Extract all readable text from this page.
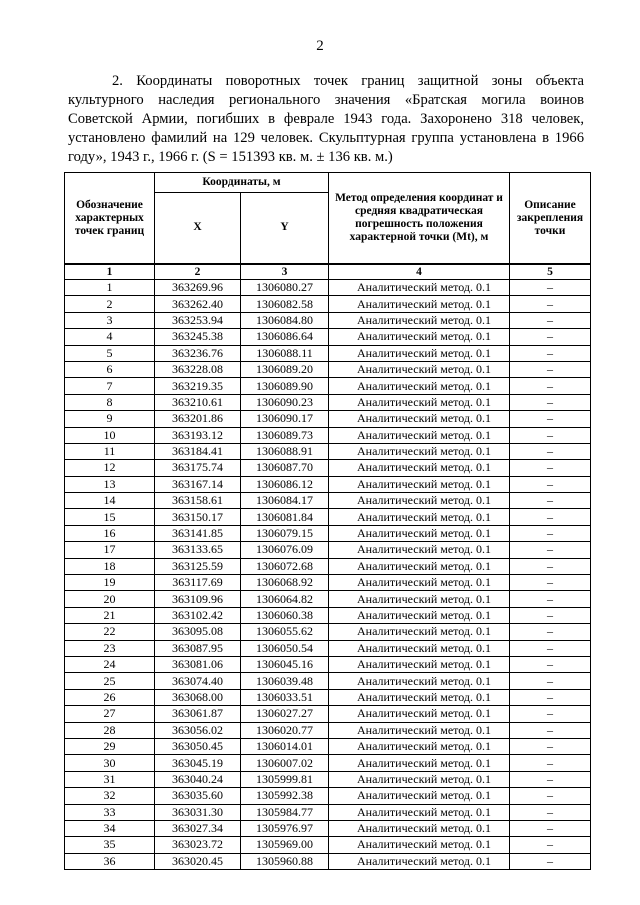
2

2. Координаты поворотных точек границ защитной зоны объекта культурного наследия регионального значения «Братская могила воинов Советской Армии, погибших в феврале 1943 года. Захоронено 318 человек, установлено фамилий на 129 человек. Скульптурная группа установлена в 1966 году», 1943 г., 1966 г. (S = 151393 кв. м. ± 136 кв. м.)

Обозначение характерных точек границ	Координаты, м		Метод определения координат и средняя квадратическая погрешность положения характерной точки (Mt), м	Описание закрепления точки
	X	Y		
1	2	3	4	5
1	363269.96	1306080.27	Аналитический метод. 0.1	–
2	363262.40	1306082.58	Аналитический метод. 0.1	–
3	363253.94	1306084.80	Аналитический метод. 0.1	–
4	363245.38	1306086.64	Аналитический метод. 0.1	–
5	363236.76	1306088.11	Аналитический метод. 0.1	–
6	363228.08	1306089.20	Аналитический метод. 0.1	–
7	363219.35	1306089.90	Аналитический метод. 0.1	–
8	363210.61	1306090.23	Аналитический метод. 0.1	–
9	363201.86	1306090.17	Аналитический метод. 0.1	–
10	363193.12	1306089.73	Аналитический метод. 0.1	–
11	363184.41	1306088.91	Аналитический метод. 0.1	–
12	363175.74	1306087.70	Аналитический метод. 0.1	–
13	363167.14	1306086.12	Аналитический метод. 0.1	–
14	363158.61	1306084.17	Аналитический метод. 0.1	–
15	363150.17	1306081.84	Аналитический метод. 0.1	–
16	363141.85	1306079.15	Аналитический метод. 0.1	–
17	363133.65	1306076.09	Аналитический метод. 0.1	–
18	363125.59	1306072.68	Аналитический метод. 0.1	–
19	363117.69	1306068.92	Аналитический метод. 0.1	–
20	363109.96	1306064.82	Аналитический метод. 0.1	–
21	363102.42	1306060.38	Аналитический метод. 0.1	–
22	363095.08	1306055.62	Аналитический метод. 0.1	–
23	363087.95	1306050.54	Аналитический метод. 0.1	–
24	363081.06	1306045.16	Аналитический метод. 0.1	–
25	363074.40	1306039.48	Аналитический метод. 0.1	–
26	363068.00	1306033.51	Аналитический метод. 0.1	–
27	363061.87	1306027.27	Аналитический метод. 0.1	–
28	363056.02	1306020.77	Аналитический метод. 0.1	–
29	363050.45	1306014.01	Аналитический метод. 0.1	–
30	363045.19	1306007.02	Аналитический метод. 0.1	–
31	363040.24	1305999.81	Аналитический метод. 0.1	–
32	363035.60	1305992.38	Аналитический метод. 0.1	–
33	363031.30	1305984.77	Аналитический метод. 0.1	–
34	363027.34	1305976.97	Аналитический метод. 0.1	–
35	363023.72	1305969.00	Аналитический метод. 0.1	–
36	363020.45	1305960.88	Аналитический метод. 0.1	–
